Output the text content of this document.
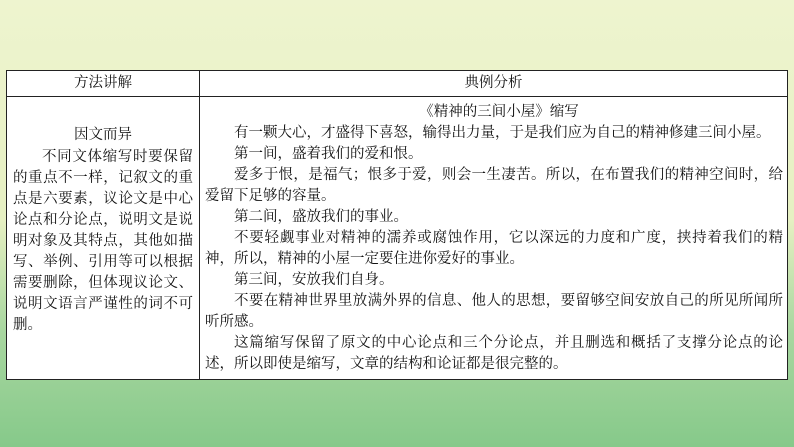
方法讲解	典例分析
因文而异
不同文体缩写时要保留的重点不一样，记叙文的重点是六要素，议论文是中心论点和分论点，说明文是说明对象及其特点，其他如描写、举例、引用等可以根据需要删除，但体现议论文、说明文语言严谨性的词不可删。
《精神的三间小屋》缩写

有一颗大心，才盛得下喜怒，输得出力量，于是我们应为自己的精神修建三间小屋。

第一间，盛着我们的爱和恨。

爱多于恨，是福气；恨多于爱，则会一生凄苦。所以，在布置我们的精神空间时，给爱留下足够的容量。

第二间，盛放我们的事业。

不要轻觑事业对精神的濡养或腐蚀作用，它以深远的力度和广度，挟持着我们的精神，所以，精神的小屋一定要住进你爱好的事业。

第三间，安放我们自身。

不要在精神世界里放满外界的信息、他人的思想，要留够空间安放自己的所见所闻所听所感。

这篇缩写保留了原文的中心论点和三个分论点，并且删选和概括了支撑分论点的论述，所以即使是缩写，文章的结构和论证都是很完整的。
